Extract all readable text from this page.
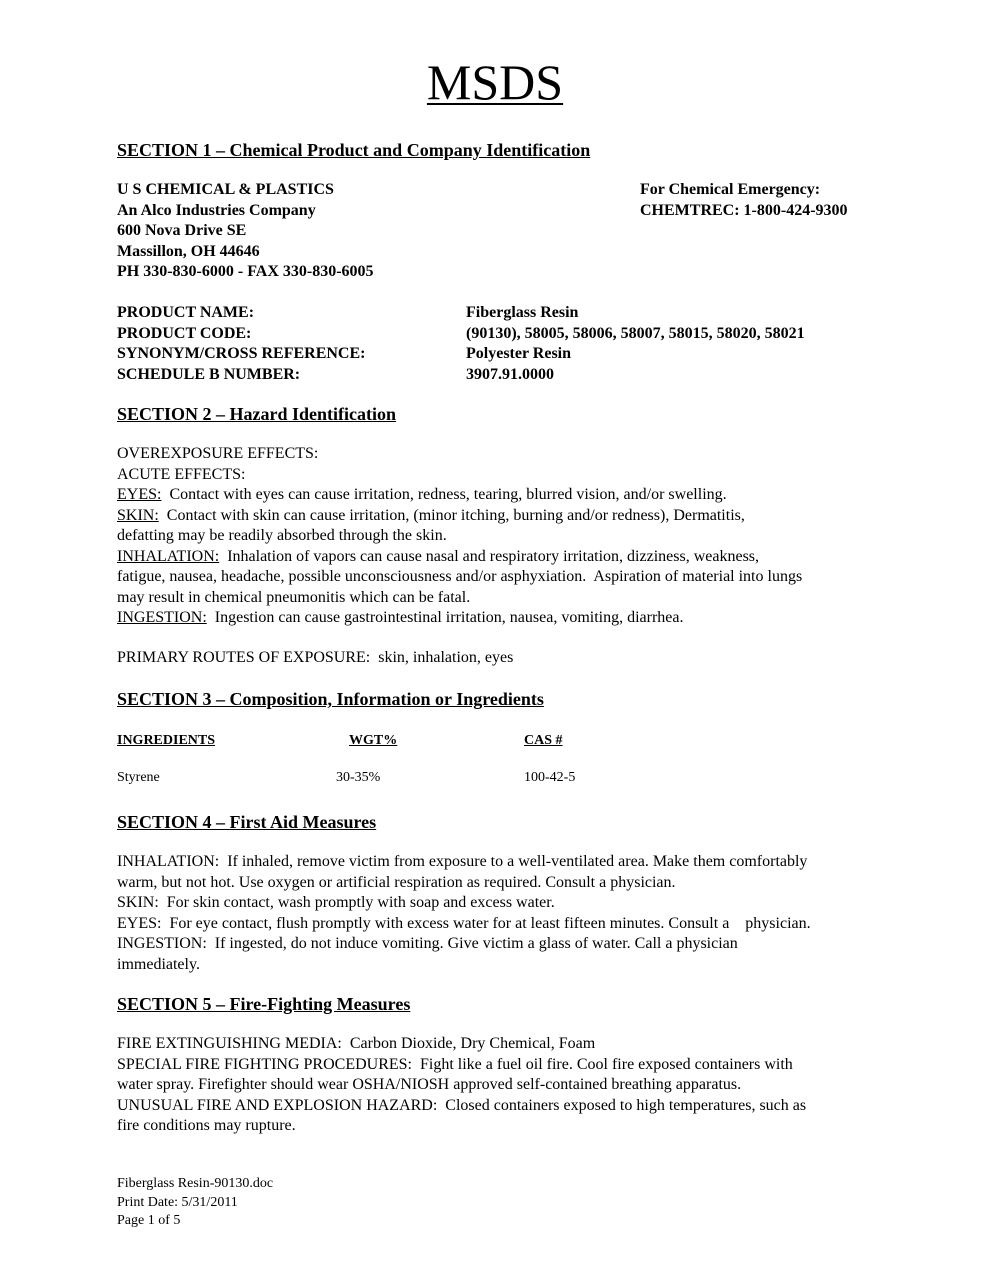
MSDS

SECTION 1 – Chemical Product and Company Identification

U S CHEMICAL & PLASTICS
An Alco Industries Company
600 Nova Drive SE
Massillon, OH 44646
PH 330-830-6000 - FAX 330-830-6005
For Chemical Emergency:
CHEMTREC: 1-800-424-9300
PRODUCT NAME:	Fiberglass Resin
PRODUCT CODE:	(90130), 58005, 58006, 58007, 58015, 58020, 58021
SYNONYM/CROSS REFERENCE:	Polyester Resin
SCHEDULE B NUMBER:	3907.91.0000

SECTION 2 – Hazard Identification

OVEREXPOSURE EFFECTS:

ACUTE EFFECTS:

EYES:  Contact with eyes can cause irritation, redness, tearing, blurred vision, and/or swelling.

SKIN:  Contact with skin can cause irritation, (minor itching, burning and/or redness), Dermatitis,

defatting may be readily absorbed through the skin.

INHALATION:  Inhalation of vapors can cause nasal and respiratory irritation, dizziness, weakness,

fatigue, nausea, headache, possible unconsciousness and/or asphyxiation.  Aspiration of material into lungs

may result in chemical pneumonitis which can be fatal.

INGESTION:  Ingestion can cause gastrointestinal irritation, nausea, vomiting, diarrhea.

PRIMARY ROUTES OF EXPOSURE:  skin, inhalation, eyes

SECTION 3 – Composition, Information or Ingredients

INGREDIENTS	WGT%	CAS #
Styrene	30-35%	100-42-5

SECTION 4 – First Aid Measures

INHALATION:  If inhaled, remove victim from exposure to a well-ventilated area. Make them comfortably

warm, but not hot. Use oxygen or artificial respiration as required. Consult a physician.

SKIN:  For skin contact, wash promptly with soap and excess water.

EYES:  For eye contact, flush promptly with excess water for at least fifteen minutes. Consult a    physician.

INGESTION:  If ingested, do not induce vomiting. Give victim a glass of water. Call a physician

immediately.

SECTION 5 – Fire-Fighting Measures

FIRE EXTINGUISHING MEDIA:  Carbon Dioxide, Dry Chemical, Foam

SPECIAL FIRE FIGHTING PROCEDURES:  Fight like a fuel oil fire. Cool fire exposed containers with

water spray. Firefighter should wear OSHA/NIOSH approved self-contained breathing apparatus.

UNUSUAL FIRE AND EXPLOSION HAZARD:  Closed containers exposed to high temperatures, such as

fire conditions may rupture.

Fiberglass Resin-90130.doc

Print Date: 5/31/2011

Page 1 of 5
